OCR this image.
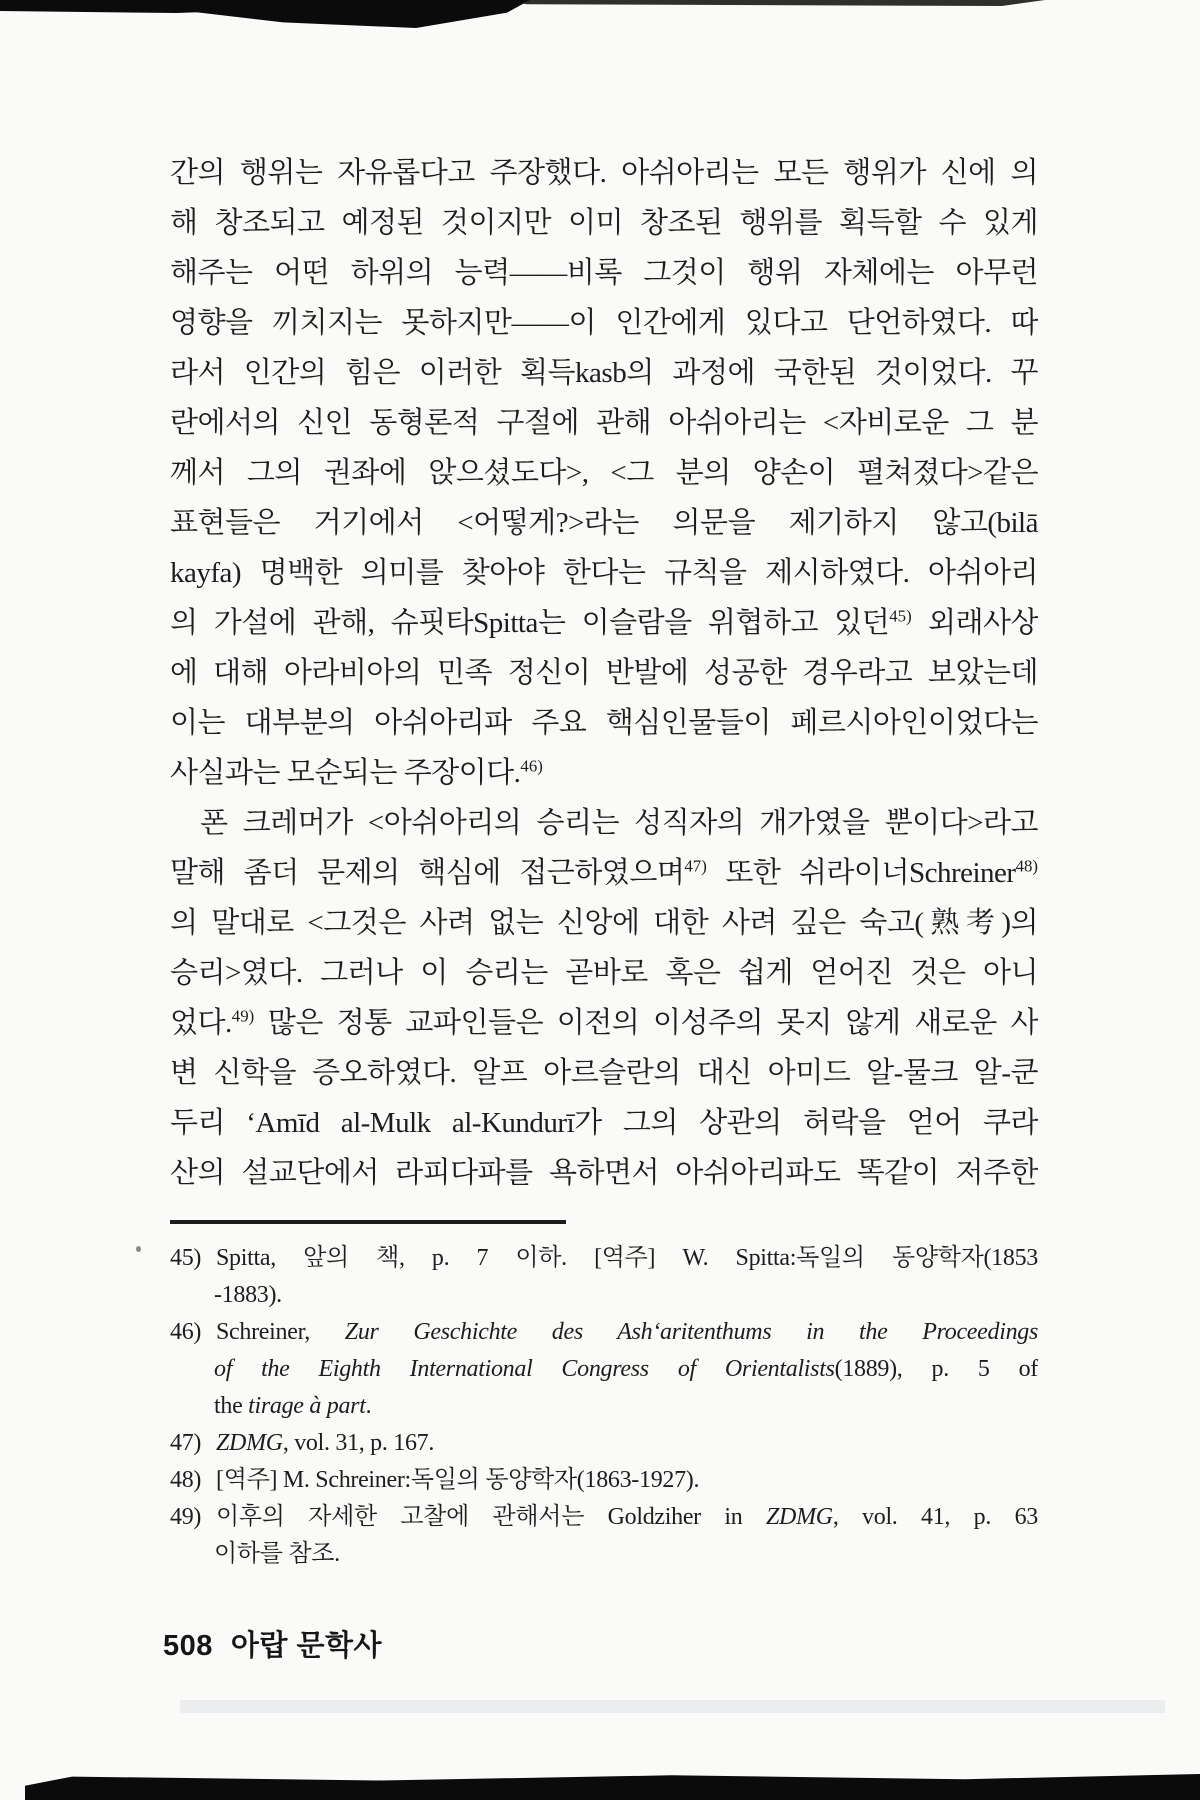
간의 행위는 자유롭다고 주장했다. 아쉬아리는 모든 행위가 신에 의
해 창조되고 예정된 것이지만 이미 창조된 행위를 획득할 수 있게
해주는 어떤 하위의 능력——비록 그것이 행위 자체에는 아무런
영향을 끼치지는 못하지만——이 인간에게 있다고 단언하였다. 따
라서 인간의 힘은 이러한 획득kasb의 과정에 국한된 것이었다. 꾸
란에서의 신인 동형론적 구절에 관해 아쉬아리는 <자비로운 그 분
께서 그의 권좌에 앉으셨도다>, <그 분의 양손이 펼쳐졌다>같은
표현들은 거기에서 <어떻게?>라는 의문을 제기하지 않고(bilā
kayfa) 명백한 의미를 찾아야 한다는 규칙을 제시하였다. 아쉬아리
의 가설에 관해, 슈핏타Spitta는 이슬람을 위협하고 있던$^{45)}$ 외래사상
에 대해 아라비아의 민족 정신이 반발에 성공한 경우라고 보았는데
이는 대부분의 아쉬아리파 주요 핵심인물들이 페르시아인이었다는
사실과는 모순되는 주장이다.$^{46)}$
폰 크레머가 <아쉬아리의 승리는 성직자의 개가였을 뿐이다>라고
말해 좀더 문제의 핵심에 접근하였으며$^{47)}$ 또한 쉬라이너Schreiner$^{48)}$
의 말대로 <그것은 사려 없는 신앙에 대한 사려 깊은 숙고(熟考)의
승리>였다. 그러나 이 승리는 곧바로 혹은 쉽게 얻어진 것은 아니
었다.$^{49)}$ 많은 정통 교파인들은 이전의 이성주의 못지 않게 새로운 사
변 신학을 증오하였다. 알프 아르슬란의 대신 아미드 알-물크 알-쿤
두리 ‘Amīd al-Mulk al-Kundurī가 그의 상관의 허락을 얻어 쿠라
산의 설교단에서 라피다파를 욕하면서 아쉬아리파도 똑같이 저주한
45) Spitta, 앞의 책, p. 7 이하. [역주] W. Spitta:독일의 동양학자(1853
-1883).
46) Schreiner, Zur Geschichte des Ash‘aritenthums in the Proceedings
of the Eighth International Congress of Orientalists(1889), p. 5 of
the tirage à part.
47) ZDMG, vol. 31, p. 167.
48) [역주] M. Schreiner:독일의 동양학자(1863-1927).
49) 이후의 자세한 고찰에 관해서는 Goldziher in ZDMG, vol. 41, p. 63
이하를 참조.
508 아랍 문학사
